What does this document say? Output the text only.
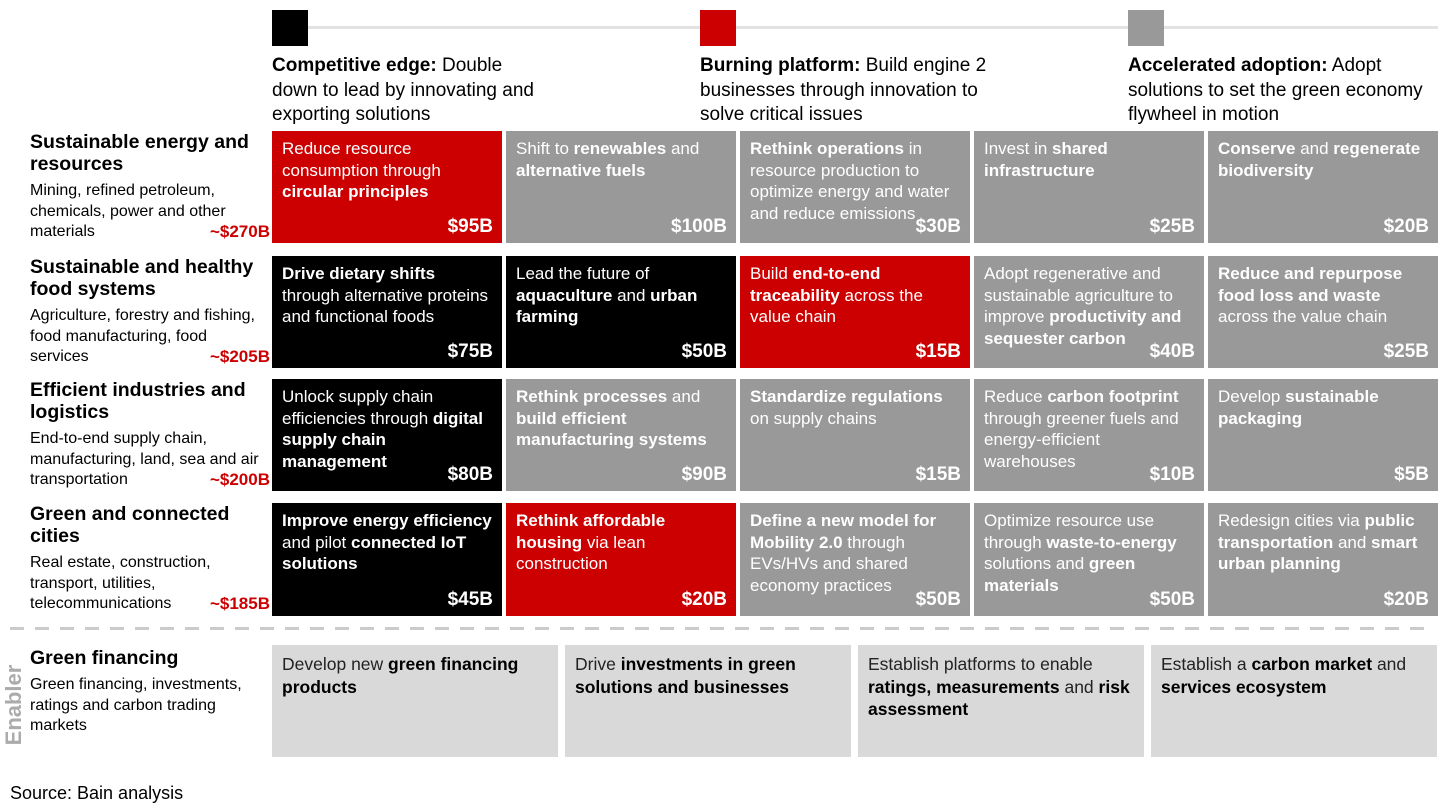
Competitive edge: Double down to lead by innovating and exporting solutions
Burning platform: Build engine 2 businesses through innovation to solve critical issues
Accelerated adoption: Adopt solutions to set the green economy flywheel in motion
Enabler
Green financing
Green financing, investments, ratings and carbon trading markets
Source: Bain analysis
Sustainable energy and resources
Mining, refined petroleum, chemicals, power and other materials	~$270B
Reduce resource consumption through circular principles
$95B
Shift to renewables and alternative fuels
$100B
Rethink operations in resource production to optimize energy and water and reduce emissions
$30B
Invest in shared infrastructure
$25B
Conserve and regenerate biodiversity
$20B
Sustainable and healthy food systems
Agriculture, forestry and fishing, food manufacturing, food services	~$205B
Drive dietary shifts through alternative proteins and functional foods
$75B
Lead the future of aquaculture and urban farming
$50B
Build end-to-end traceability across the value chain
$15B
Adopt regenerative and sustainable agriculture to improve productivity and sequester carbon
$40B
Reduce and repurpose food loss and waste across the value chain
$25B
Efficient industries and logistics
End-to-end supply chain, manufacturing, land, sea and air transportation	~$200B
Unlock supply chain efficiencies through digital supply chain management
$80B
Rethink processes and build efficient manufacturing systems
$90B
Standardize regulations on supply chains
$15B
Reduce carbon footprint through greener fuels and energy-efficient warehouses
$10B
Develop sustainable packaging
$5B
Green and connected cities
Real estate, construction, transport, utilities, telecommunications ~$185B
Improve energy efficiency and pilot connected IoT solutions
$45B
Rethink affordable housing via lean construction
$20B
Define a new model for Mobility 2.0 through EVs/HVs and shared economy practices
$50B
Optimize resource use through waste-to-energy solutions and green materials
$50B
Redesign cities via public transportation and smart urban planning
$20B
Develop new green financing products
Drive investments in green solutions and businesses
Establish platforms to enable ratings, measurements and risk assessment
Establish a carbon market and services ecosystem
